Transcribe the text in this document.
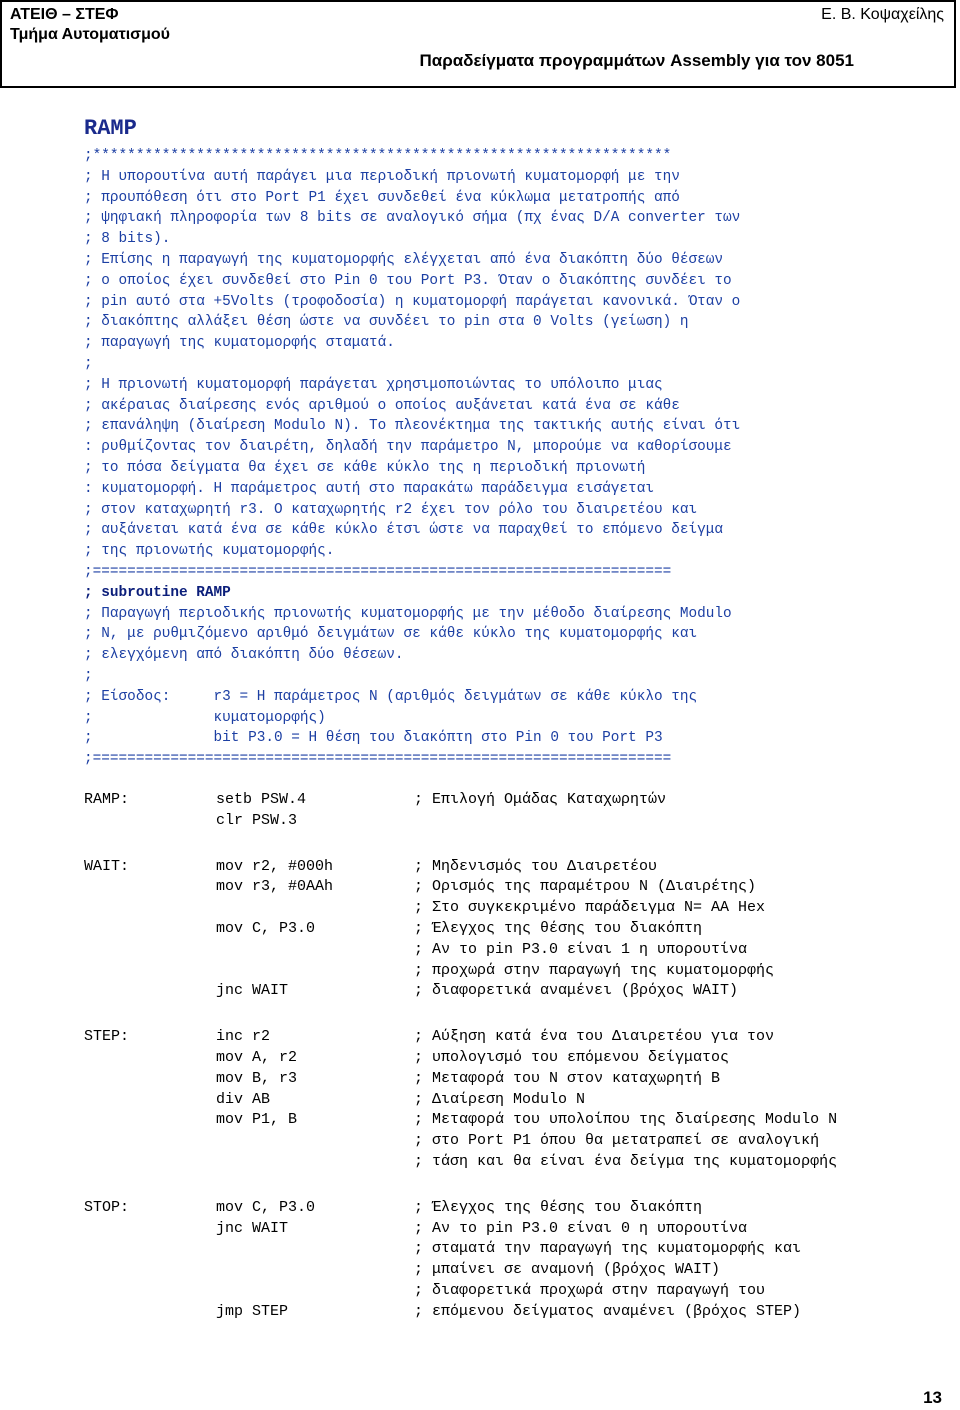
ΑΤΕΙΘ – ΣΤΕΦ
Τμήμα Αυτοματισμού
Ε. Β. Κοψαχείλης
Παραδείγματα προγραμμάτων Assembly για τον 8051
RAMP
;*******************************************************************
; Η υπορουτίνα αυτή παράγει μια περιοδική πριονωτή κυματομορφή με την
; προυπόθεση ότι στο Port P1 έχει συνδεθεί ένα κύκλωμα μετατροπής από
; ψηφιακή πληροφορία των 8 bits σε αναλογικό σήμα (πχ ένας D/A converter των
; 8 bits).
; Επίσης η παραγωγή της κυματομορφής ελέγχεται από ένα διακόπτη δύο θέσεων
; ο οποίος έχει συνδεθεί στο Pin 0 του Port P3. Όταν ο διακόπτης συνδέει το
; pin αυτό στα +5Volts (τροφοδοσία) η κυματομορφή παράγεται κανονικά. Όταν ο
; διακόπτης αλλάξει θέση ώστε να συνδέει το pin στα 0 Volts (γείωση) η
; παραγωγή της κυματομορφής σταματά.
;
; Η πριονωτή κυματομορφή παράγεται χρησιμοποιώντας το υπόλοιπο μιας
; ακέραιας διαίρεσης ενός αριθμού ο οποίος αυξάνεται κατά ένα σε κάθε
; επανάληψη (διαίρεση Modulo N). Το πλεονέκτημα της τακτικής αυτής είναι ότι
: ρυθμίζοντας τον διαιρέτη, δηλαδή την παράμετρο N, μπορούμε να καθορίσουμε
; το πόσα δείγματα θα έχει σε κάθε κύκλο της η περιοδική πριονωτή
: κυματομορφή. Η παράμετρος αυτή στο παρακάτω παράδειγμα εισάγεται
; στον καταχωρητή r3. Ο καταχωρητής r2 έχει τον ρόλο του διαιρετέου και
; αυξάνεται κατά ένα σε κάθε κύκλο έτσι ώστε να παραχθεί το επόμενο δείγμα
; της πριονωτής κυματομορφής.
;===================================================================
; subroutine RAMP
; Παραγωγή περιοδικής πριονωτής κυματομορφής με την μέθοδο διαίρεσης Modulo
; N, με ρυθμιζόμενο αριθμό δειγμάτων σε κάθε κύκλο της κυματομορφής και
; ελεγχόμενη από διακόπτη δύο θέσεων.
;
; Είσοδος:     r3 = Η παράμετρος N (αριθμός δειγμάτων σε κάθε κύκλο της
;              κυματομορφής)
;              bit P3.0 = Η θέση του διακόπτη στο Pin 0 του Port P3
;===================================================================
RAMP:	setb PSW.4	; Επιλογή Ομάδας Καταχωρητών
clr PSW.3
WAIT:	mov r2, #000h	; Μηδενισμός του Διαιρετέου
mov r3, #0AAh	; Ορισμός της παραμέτρου N (Διαιρέτης)
; Στο συγκεκριμένο παράδειγμα N= AA Hex
mov C, P3.0	; Έλεγχος της θέσης του διακόπτη
; Αν το pin P3.0 είναι 1 η υπορουτίνα
; προχωρά στην παραγωγή της κυματομορφής
jnc WAIT	; διαφορετικά αναμένει (βρόχος WAIT)
STEP:	inc r2	; Αύξηση κατά ένα του Διαιρετέου για τον
mov A, r2	; υπολογισμό του επόμενου δείγματος
mov B, r3	; Μεταφορά του N στον καταχωρητή B
div AB	; Διαίρεση Modulo N
mov P1, B	; Μεταφορά του υπολοίπου της διαίρεσης Modulo N
; στο Port P1 όπου θα μετατραπεί σε αναλογική
; τάση και θα είναι ένα δείγμα της κυματομορφής
STOP:	mov C, P3.0	; Έλεγχος της θέσης του διακόπτη
jnc WAIT	; Αν το pin P3.0 είναι 0 η υπορουτίνα
; σταματά την παραγωγή της κυματομορφής και
; μπαίνει σε αναμονή (βρόχος WAIT)
; διαφορετικά προχωρά στην παραγωγή του
jmp STEP	; επόμενου δείγματος αναμένει (βρόχος STEP)
13
